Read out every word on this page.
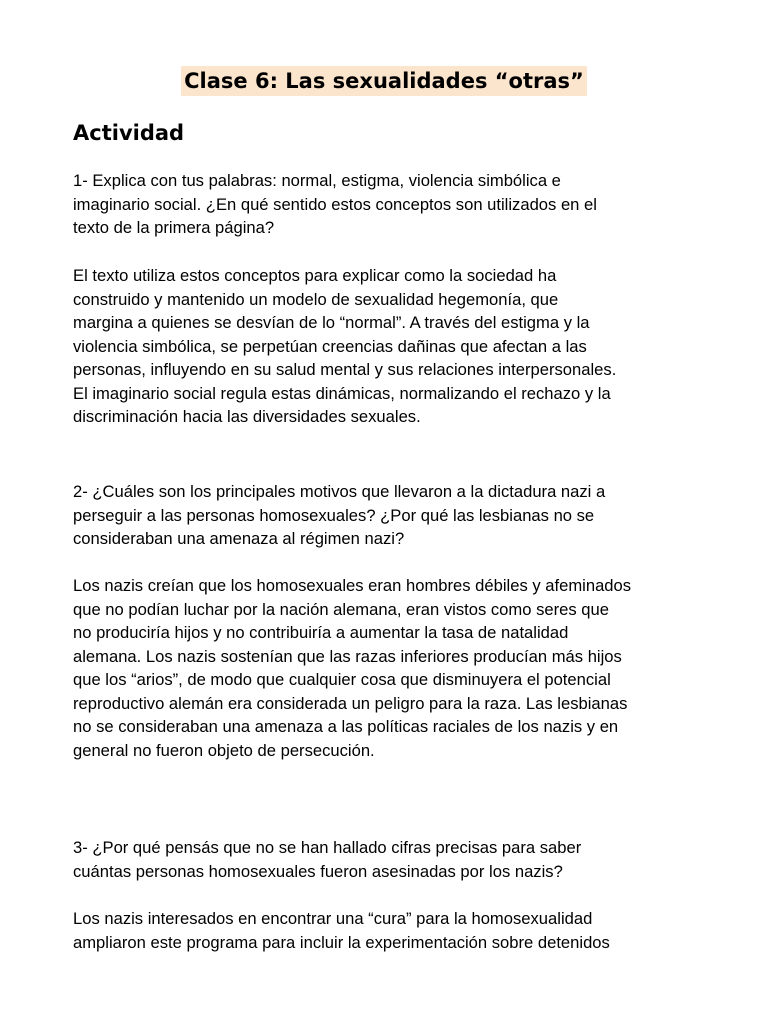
Clase 6: Las sexualidades “otras”
Actividad
1- Explica con tus palabras: normal, estigma, violencia simbólica e
imaginario social. ¿En qué sentido estos conceptos son utilizados en el
texto de la primera página?
El texto utiliza estos conceptos para explicar como la sociedad ha
construido y mantenido un modelo de sexualidad hegemonía, que
margina a quienes se desvían de lo “normal”. A través del estigma y la
violencia simbólica, se perpetúan creencias dañinas que afectan a las
personas, influyendo en su salud mental y sus relaciones interpersonales.
El imaginario social regula estas dinámicas, normalizando el rechazo y la
discriminación hacia las diversidades sexuales.
2- ¿Cuáles son los principales motivos que llevaron a la dictadura nazi a
perseguir a las personas homosexuales? ¿Por qué las lesbianas no se
consideraban una amenaza al régimen nazi?
Los nazis creían que los homosexuales eran hombres débiles y afeminados
que no podían luchar por la nación alemana, eran vistos como seres que
no produciría hijos y no contribuiría a aumentar la tasa de natalidad
alemana. Los nazis sostenían que las razas inferiores producían más hijos
que los “arios”, de modo que cualquier cosa que disminuyera el potencial
reproductivo alemán era considerada un peligro para la raza. Las lesbianas
no se consideraban una amenaza a las políticas raciales de los nazis y en
general no fueron objeto de persecución.
3- ¿Por qué pensás que no se han hallado cifras precisas para saber
cuántas personas homosexuales fueron asesinadas por los nazis?
Los nazis interesados en encontrar una “cura” para la homosexualidad
ampliaron este programa para incluir la experimentación sobre detenidos
